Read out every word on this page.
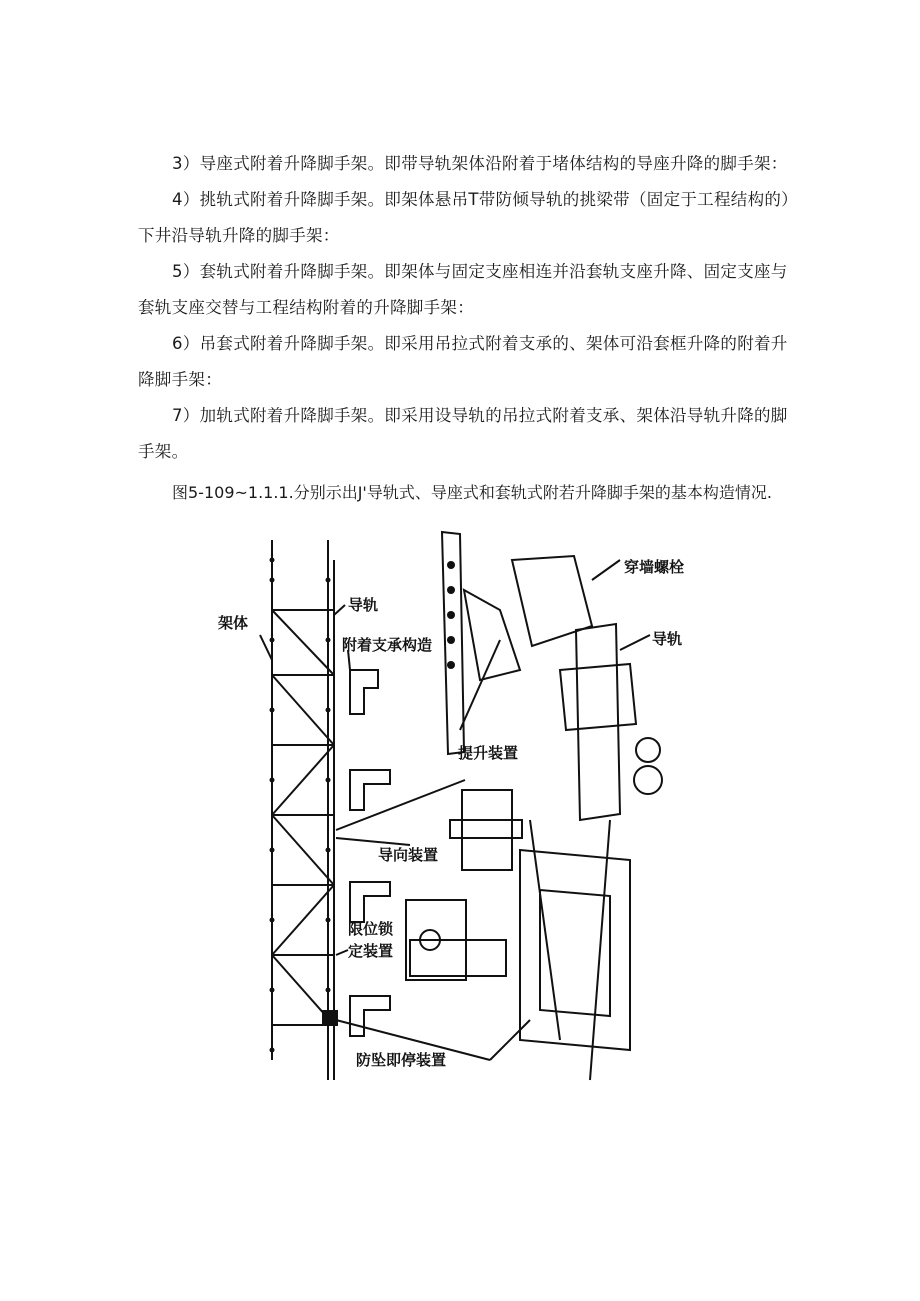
3）导座式附着升降脚手架。即带导轨架体沿附着于堵体结构的导座升降的脚手架：
4）挑轨式附着升降脚手架。即架体悬吊T带防倾导轨的挑梁带（固定于工程结构的）下井沿导轨升降的脚手架：
5）套轨式附着升降脚手架。即架体与固定支座相连并沿套轨支座升降、固定支座与套轨支座交替与工程结构附着的升降脚手架：
6）吊套式附着升降脚手架。即采用吊拉式附着支承的、架体可沿套框升降的附着升降脚手架：
7）加轨式附着升降脚手架。即采用设导轨的吊拉式附着支承、架体沿导轨升降的脚手架。
图5-109~1.1.1.分别示出J'导轨式、导座式和套轨式附若升降脚手架的基本构造情况.
架体
导轨
附着支承构造
穿墙螺栓
导轨
提升装置
导向装置
限位锁
定装置
防坠即停装置
